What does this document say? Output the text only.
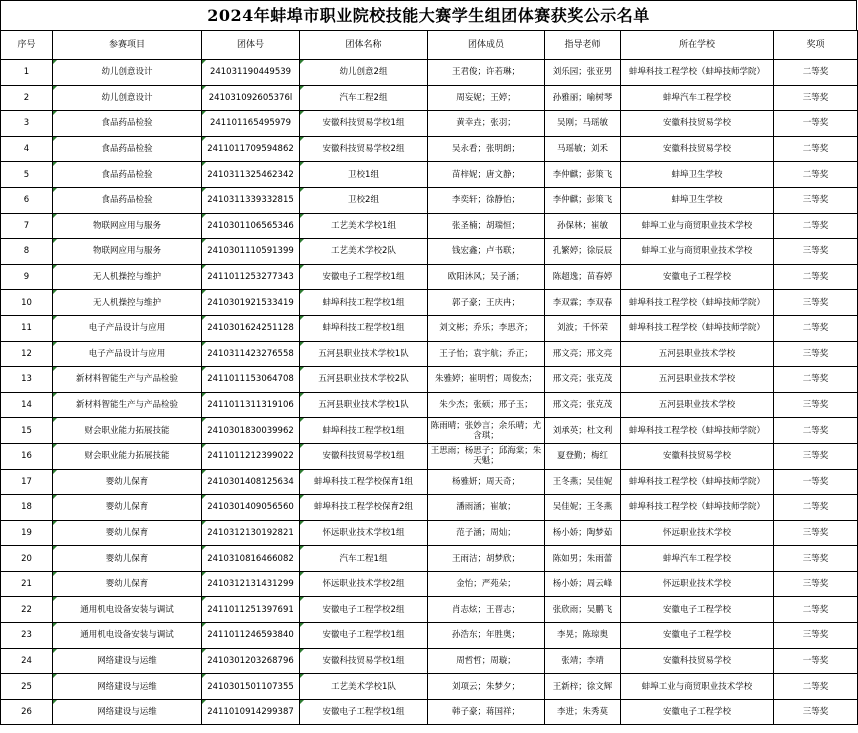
2024年蚌埠市职业院校技能大赛学生组团体赛获奖公示名单
序号	参赛项目	团体号	团体名称	团体成员	指导老师	所在学校	奖项
1	幼儿创意设计	241031190449539	幼儿创意2组	王君俊；许若琳；	刘乐园；张亚男	蚌埠科技工程学校（蚌埠技师学院）	二等奖
2	幼儿创意设计	241031092605376l	汽车工程2组	周妄妮；王婷；	孙雅丽；喻树琴	蚌埠汽车工程学校	三等奖
3	食品药品检验	241101165495979	安徽科技贸易学校1组	黄幸垚；张羽；	吴刚；马瑶敏	安徽科技贸易学校	一等奖
4	食品药品检验	241101170959486​2	安徽科技贸易学校2组	吴永看；张明朗；	马瑶敏；刘禾	安徽科技贸易学校	二等奖
5	食品药品检验	241031132546234​2	卫校1组	苗梓妮；唐文静；	李仲麒；彭策飞	蚌埠卫生学校	二等奖
6	食品药品检验	241031133933281​5	卫校2组	李奕轩；徐静怡；	李仲麒；彭策飞	蚌埠卫生学校	三等奖
7	物联网应用与服务	241030110656534​6	工艺美术学校1组	张圣楠；胡瑞恒；	孙保林；崔敏	蚌埠工业与商贸职业技术学校	二等奖
8	物联网应用与服务	241030111059139​9	工艺美术学校2队	钱宏鑫；卢书联；	孔繁婷；徐辰辰	蚌埠工业与商贸职业技术学校	三等奖
9	无人机操控与维护	241101125327734​3	安徽电子工程学校1组	欧阳沐风；吴子涵；	陈超逸；苗春婷	安徽电子工程学校	二等奖
10	无人机操控与维护	241030192153341​9	蚌埠科技工程学校1组	郭子豪；王庆冉；	李双霖；李双春	蚌埠科技工程学校（蚌埠技师学院）	三等奖
11	电子产品设计与应用	241030162425112​8	蚌埠科技工程学校1组	刘文彬；乔乐；李思齐；	刘波；千怀荣	蚌埠科技工程学校（蚌埠技师学院）	二等奖
12	电子产品设计与应用	241031142327655​8	五河县职业技术学校1队	王子怡；袁宇航；乔正；	邢文亮；邢文亮	五河县职业技术学校	三等奖
13	新材料智能生产与产品检验	241101115306470​8	五河县职业技术学校2队	朱雅婷；崔明哲；周俊杰；	邢文亮；张克茂	五河县职业技术学校	二等奖
14	新材料智能生产与产品检验	241101131131910​6	五河县职业技术学校1队	朱少杰；张硕；邢子玉；	邢文亮；张克茂	五河县职业技术学校	三等奖
15	财会职业能力拓展技能	241030183003996​2	蚌埠科技工程学校1组	陈雨晴；张妙言；余乐晴；尤含琪；	刘承英；杜文利	蚌埠科技工程学校（蚌埠技师学院）	二等奖
16	财会职业能力拓展技能	241101121239902​2	安徽科技贸易学校1组	王思雨；杨思子；邱海棠；朱天魁；	夏登勤；梅红	安徽科技贸易学校	三等奖
17	婴幼儿保育	241030140812563​4	蚌埠科技工程学校保育1组	杨雅妍；周天奇；	王冬燕；吴佳妮	蚌埠科技工程学校（蚌埠技师学院）	一等奖
18	婴幼儿保育	241030140905656​0	蚌埠科技工程学校保育2组	潘雨涵；崔敏；	吴佳妮；王冬燕	蚌埠科技工程学校（蚌埠技师学院）	二等奖
19	婴幼儿保育	241031213019282​1	怀远职业技术学校1组	范子涵；周灿；	杨小娇；陶梦茹	怀远职业技术学校	三等奖
20	婴幼儿保育	241031081646608​2	汽车工程1组	王雨洁；胡梦欣；	陈如男；朱雨蕾	蚌埠汽车工程学校	三等奖
21	婴幼儿保育	241031213143129​9	怀远职业技术学校2组	金怡；严苑朵；	杨小娇；周云峰	怀远职业技术学校	三等奖
22	通用机电设备安装与调试	241101125139769​1	安徽电子工程学校2组	肖志炫；王晋志；	张欣雨；吴鹏飞	安徽电子工程学校	二等奖
23	通用机电设备安装与调试	241101124659384​0	安徽电子工程学校1组	孙浩东；年胜奥；	李晃；陈琼奥	安徽电子工程学校	三等奖
24	网络建设与运维	241030120326879​6	安徽科技贸易学校1组	周哲哲；周璇；	张靖；李靖	安徽科技贸易学校	一等奖
25	网络建设与运维	241030150110735​5	工艺美术学校1队	刘项云；朱梦夕；	王新梓；徐文辉	蚌埠工业与商贸职业技术学校	二等奖
26	网络建设与运维	241101091429938​7	安徽电子工程学校1组	韩子豪；蒋国祥；	李进；朱秀莫	安徽电子工程学校	三等奖
